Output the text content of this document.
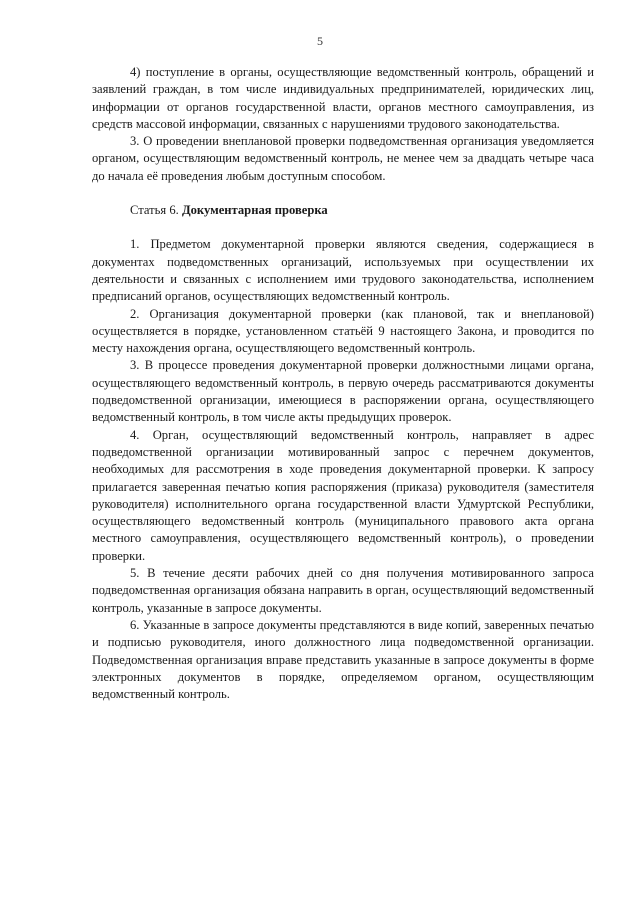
5

4) поступление в органы, осуществляющие ведомственный контроль, обращений и заявлений граждан, в том числе индивидуальных предпринимателей, юридических лиц, информации от органов государственной власти, органов местного самоуправления, из средств массовой информации, связанных с нарушениями трудового законодательства.

3. О проведении внеплановой проверки подведомственная организация уведомляется органом, осуществляющим ведомственный контроль, не менее чем за двадцать четыре часа до начала её проведения любым доступным способом.

Статья 6. Документарная проверка

1. Предметом документарной проверки являются сведения, содержащиеся в документах подведомственных организаций, используемых при осуществлении их деятельности и связанных с исполнением ими трудового законодательства, исполнением предписаний органов, осуществляющих ведомственный контроль.

2. Организация документарной проверки (как плановой, так и внеплановой) осуществляется в порядке, установленном статьёй 9 настоящего Закона, и проводится по месту нахождения органа, осуществляющего ведомственный контроль.

3. В процессе проведения документарной проверки должностными лицами органа, осуществляющего ведомственный контроль, в первую очередь рассматриваются документы подведомственной организации, имеющиеся в распоряжении органа, осуществляющего ведомственный контроль, в том числе акты предыдущих проверок.

4. Орган, осуществляющий ведомственный контроль, направляет в адрес подведомственной организации мотивированный запрос с перечнем документов, необходимых для рассмотрения в ходе проведения документарной проверки. К запросу прилагается заверенная печатью копия распоряжения (приказа) руководителя (заместителя руководителя) исполнительного органа государственной власти Удмуртской Республики, осуществляющего ведомственный контроль (муниципального правового акта органа местного самоуправления, осуществляющего ведомственный контроль), о проведении проверки.

5. В течение десяти рабочих дней со дня получения мотивированного запроса подведомственная организация обязана направить в орган, осуществляющий ведомственный контроль, указанные в запросе документы.

6. Указанные в запросе документы представляются в виде копий, заверенных печатью и подписью руководителя, иного должностного лица подведомственной организации. Подведомственная организация вправе представить указанные в запросе документы в форме электронных документов в порядке, определяемом органом, осуществляющим ведомственный контроль.
